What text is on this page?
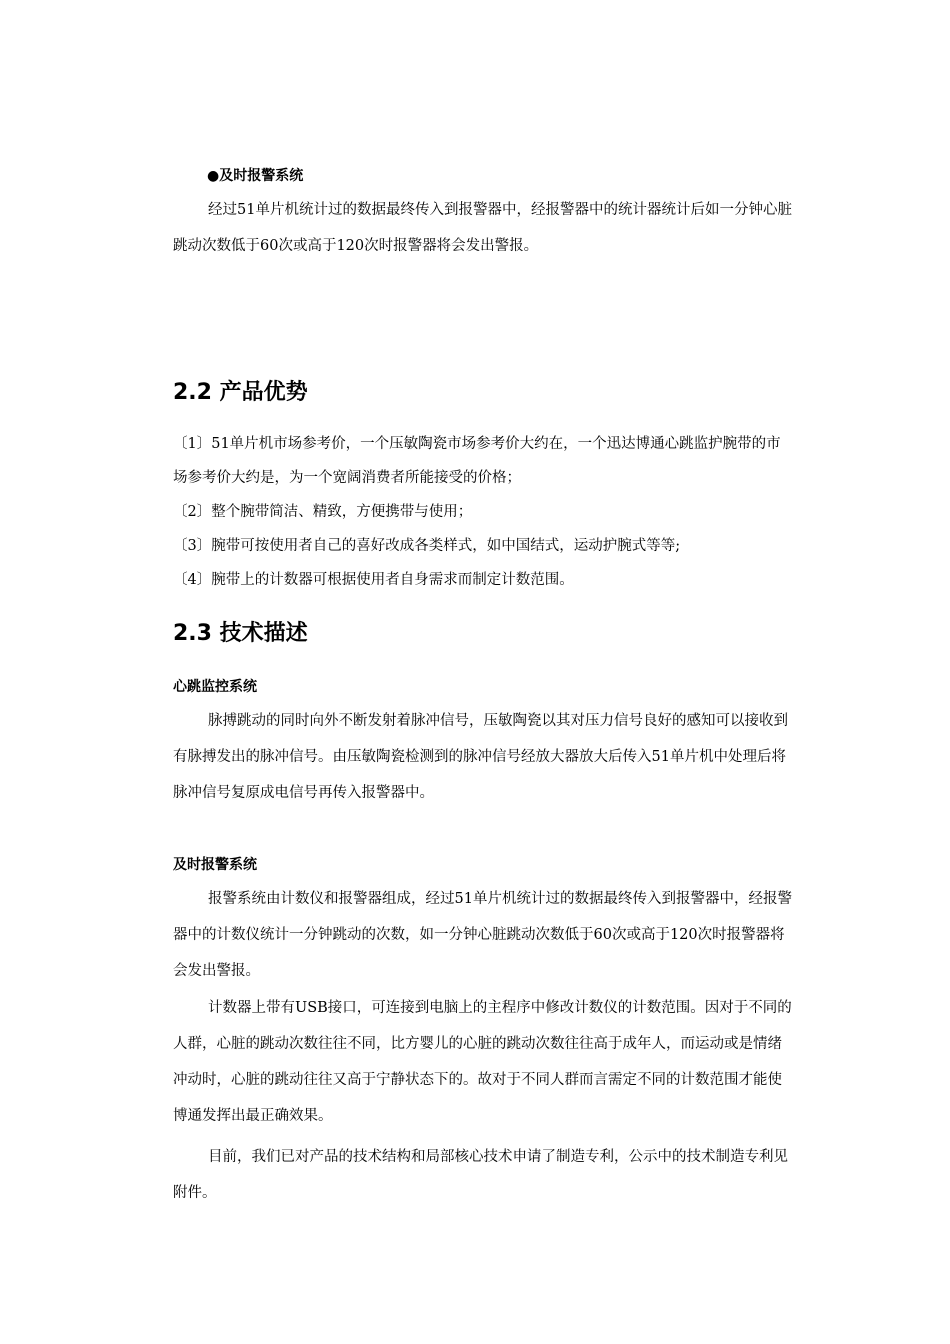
●及时报警系统

经过51单片机统计过的数据最终传入到报警器中，经报警器中的统计器统计后如一分钟心脏跳动次数低于60次或高于120次时报警器将会发出警报。

2.2 产品优势

〔1〕51单片机市场参考价，一个压敏陶瓷市场参考价大约在，一个迅达博通心跳监护腕带的市场参考价大约是，为一个宽阔消费者所能接受的价格；

〔2〕整个腕带简洁、精致，方便携带与使用；

〔3〕腕带可按使用者自己的喜好改成各类样式，如中国结式，运动护腕式等等;

〔4〕腕带上的计数器可根据使用者自身需求而制定计数范围。

2.3 技术描述
心跳监控系统

脉搏跳动的同时向外不断发射着脉冲信号，压敏陶瓷以其对压力信号良好的感知可以接收到有脉搏发出的脉冲信号。由压敏陶瓷检测到的脉冲信号经放大器放大后传入51单片机中处理后将脉冲信号复原成电信号再传入报警器中。

及时报警系统

报警系统由计数仪和报警器组成，经过51单片机统计过的数据最终传入到报警器中，经报警器中的计数仪统计一分钟跳动的次数，如一分钟心脏跳动次数低于60次或高于120次时报警器将会发出警报。

计数器上带有USB接口，可连接到电脑上的主程序中修改计数仪的计数范围。因对于不同的人群，心脏的跳动次数往往不同，比方婴儿的心脏的跳动次数往往高于成年人，而运动或是情绪冲动时，心脏的跳动往往又高于宁静状态下的。故对于不同人群而言需定不同的计数范围才能使博通发挥出最正确效果。

目前，我们已对产品的技术结构和局部核心技术申请了制造专利，公示中的技术制造专利见附件。
